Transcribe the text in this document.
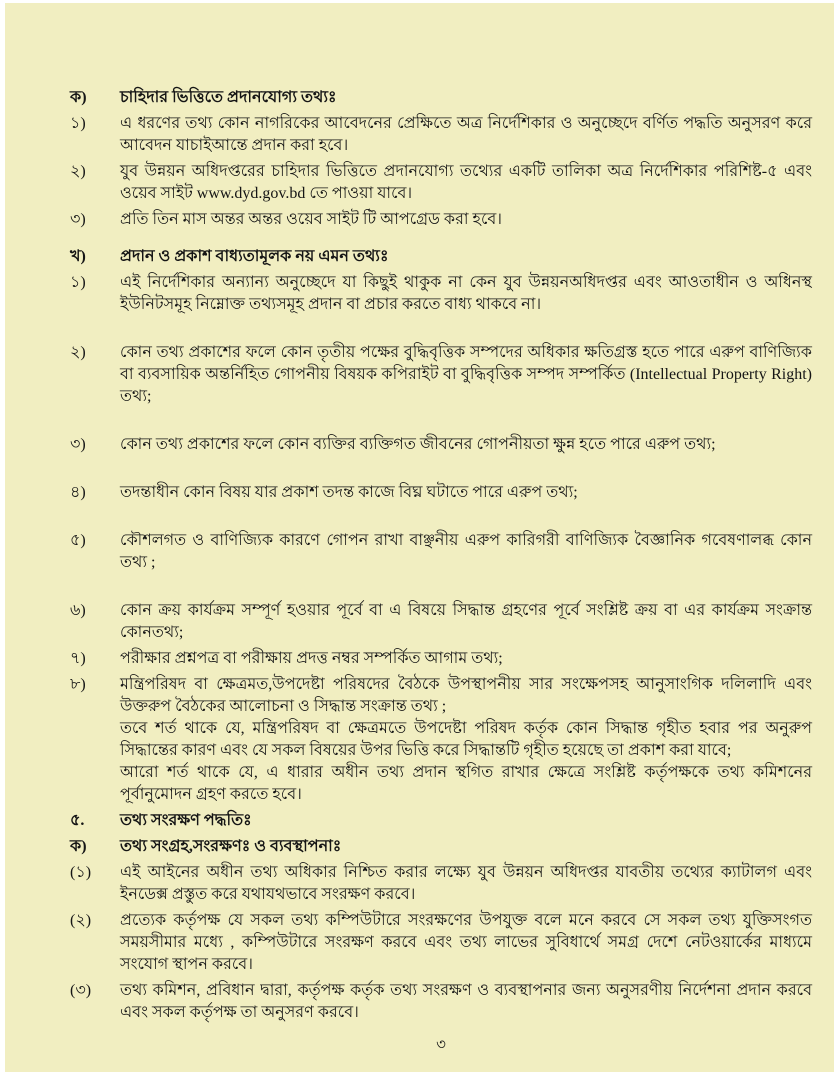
ক)	চাহিদার ভিত্তিতে প্রদানযোগ্য তথ্যঃ
১)	এ ধরণের তথ্য কোন নাগরিকের আবেদনের প্রেক্ষিতে অত্র নির্দেশিকার ও অনুচ্ছেদে বর্ণিত পদ্ধতি অনুসরণ করে আবেদন যাচাইআন্তে প্রদান করা হবে।

২)	যুব উন্নয়ন অধিদপ্তরের চাহিদার ভিত্তিতে প্রদানযোগ্য তথ্যের একটি তালিকা অত্র নির্দেশিকার পরিশিষ্ট-৫ এবং ওয়েব সাইট www.dyd.gov.bd তে পাওয়া যাবে।

৩)	প্রতি তিন মাস অন্তর অন্তর ওয়েব সাইট টি আপগ্রেড করা হবে।

খ)	প্রদান ও প্রকাশ বাধ্যতামূলক নয় এমন তথ্যঃ
১)	এই নির্দেশিকার অন্যান্য অনুচ্ছেদে যা কিছুই থাকুক না কেন যুব উন্নয়নঅধিদপ্তর এবং আওতাধীন ও অধিনস্থ ইউনিটসমূহ নিম্নোক্ত তথ্যসমূহ প্রদান বা প্রচার করতে বাধ্য থাকবে না।

২)	কোন তথ্য প্রকাশের ফলে কোন তৃতীয় পক্ষের বুদ্ধিবৃত্তিক সম্পদের অধিকার ক্ষতিগ্রস্ত হতে পারে এরুপ বাণিজ্যিক বা ব্যবসায়িক অন্তর্নিহিত গোপনীয় বিষয়ক কপিরাইট বা বুদ্ধিবৃত্তিক সম্পদ সম্পর্কিত (Intellectual Property Right) তথ্য;

৩)	কোন তথ্য প্রকাশের ফলে কোন ব্যক্তির ব্যক্তিগত জীবনের গোপনীয়তা ক্ষুন্ন হতে পারে এরুপ তথ্য;

৪)	তদন্তাধীন কোন বিষয় যার প্রকাশ তদন্ত কাজে বিঘ্ন ঘটাতে পারে এরুপ তথ্য;

৫)	কৌশলগত ও বাণিজ্যিক কারণে গোপন রাখা বাঞ্ছনীয় এরুপ কারিগরী বাণিজ্যিক বৈজ্ঞানিক গবেষণালব্ধ কোন তথ্য ;

৬)	কোন ক্রয় কার্যক্রম সম্পূর্ণ হওয়ার পূর্বে বা এ বিষয়ে সিদ্ধান্ত গ্রহণের পূর্বে সংশ্লিষ্ট ক্রয় বা এর কার্যক্রম সংক্রান্ত কোনতথ্য;

৭)	পরীক্ষার প্রশ্নপত্র বা পরীক্ষায় প্রদত্ত নম্বর সম্পর্কিত আগাম তথ্য;

৮)	মন্ত্রিপরিষদ বা ক্ষেত্রমত,উপদেষ্টা পরিষদের বৈঠকে উপস্থাপনীয় সার সংক্ষেপসহ আনুসাংগিক দলিলাদি এবং উক্তরুপ বৈঠকের আলোচনা ও সিদ্ধান্ত সংক্রান্ত তথ্য ;

তবে শর্ত থাকে যে, মন্ত্রিপরিষদ বা ক্ষেত্রমতে উপদেষ্টা পরিষদ কর্তৃক কোন সিদ্ধান্ত গৃহীত হবার পর অনুরুপ সিদ্ধান্তের কারণ এবং যে সকল বিষয়ের উপর ভিত্তি করে সিদ্ধান্তটি গৃহীত হয়েছে তা প্রকাশ করা যাবে;

আরো শর্ত থাকে যে, এ ধারার অধীন তথ্য প্রদান স্থগিত রাখার ক্ষেত্রে সংশ্লিষ্ট কর্তৃপক্ষকে তথ্য কমিশনের পূর্বানুমোদন গ্রহণ করতে হবে।

৫.	তথ্য সংরক্ষণ পদ্ধতিঃ
ক)	তথ্য সংগ্রহ,সংরক্ষণঃ ও ব্যবস্থাপনাঃ
(১)	এই আইনের অধীন তথ্য অধিকার নিশ্চিত করার লক্ষ্যে যুব উন্নয়ন অধিদপ্তর যাবতীয় তথ্যের ক্যাটালগ এবং ইনডেক্স প্রস্তুত করে যথাযথভাবে সংরক্ষণ করবে।

(২)	প্রত্যেক কর্তৃপক্ষ যে সকল তথ্য কম্পিউটারে সংরক্ষণের উপযুক্ত বলে মনে করবে সে সকল তথ্য যুক্তিসংগত সময়সীমার মধ্যে , কম্পিউটারে সংরক্ষণ করবে এবং তথ্য লাভের সুবিধার্থে সমগ্র দেশে নেটওয়ার্কের মাধ্যমে সংযোগ স্থাপন করবে।

(৩)	তথ্য কমিশন, প্রবিধান দ্বারা, কর্তৃপক্ষ কর্তৃক তথ্য সংরক্ষণ ও ব্যবস্থাপনার জন্য অনুসরণীয় নির্দেশনা প্রদান করবে এবং সকল কর্তৃপক্ষ তা অনুসরণ করবে।

৩
